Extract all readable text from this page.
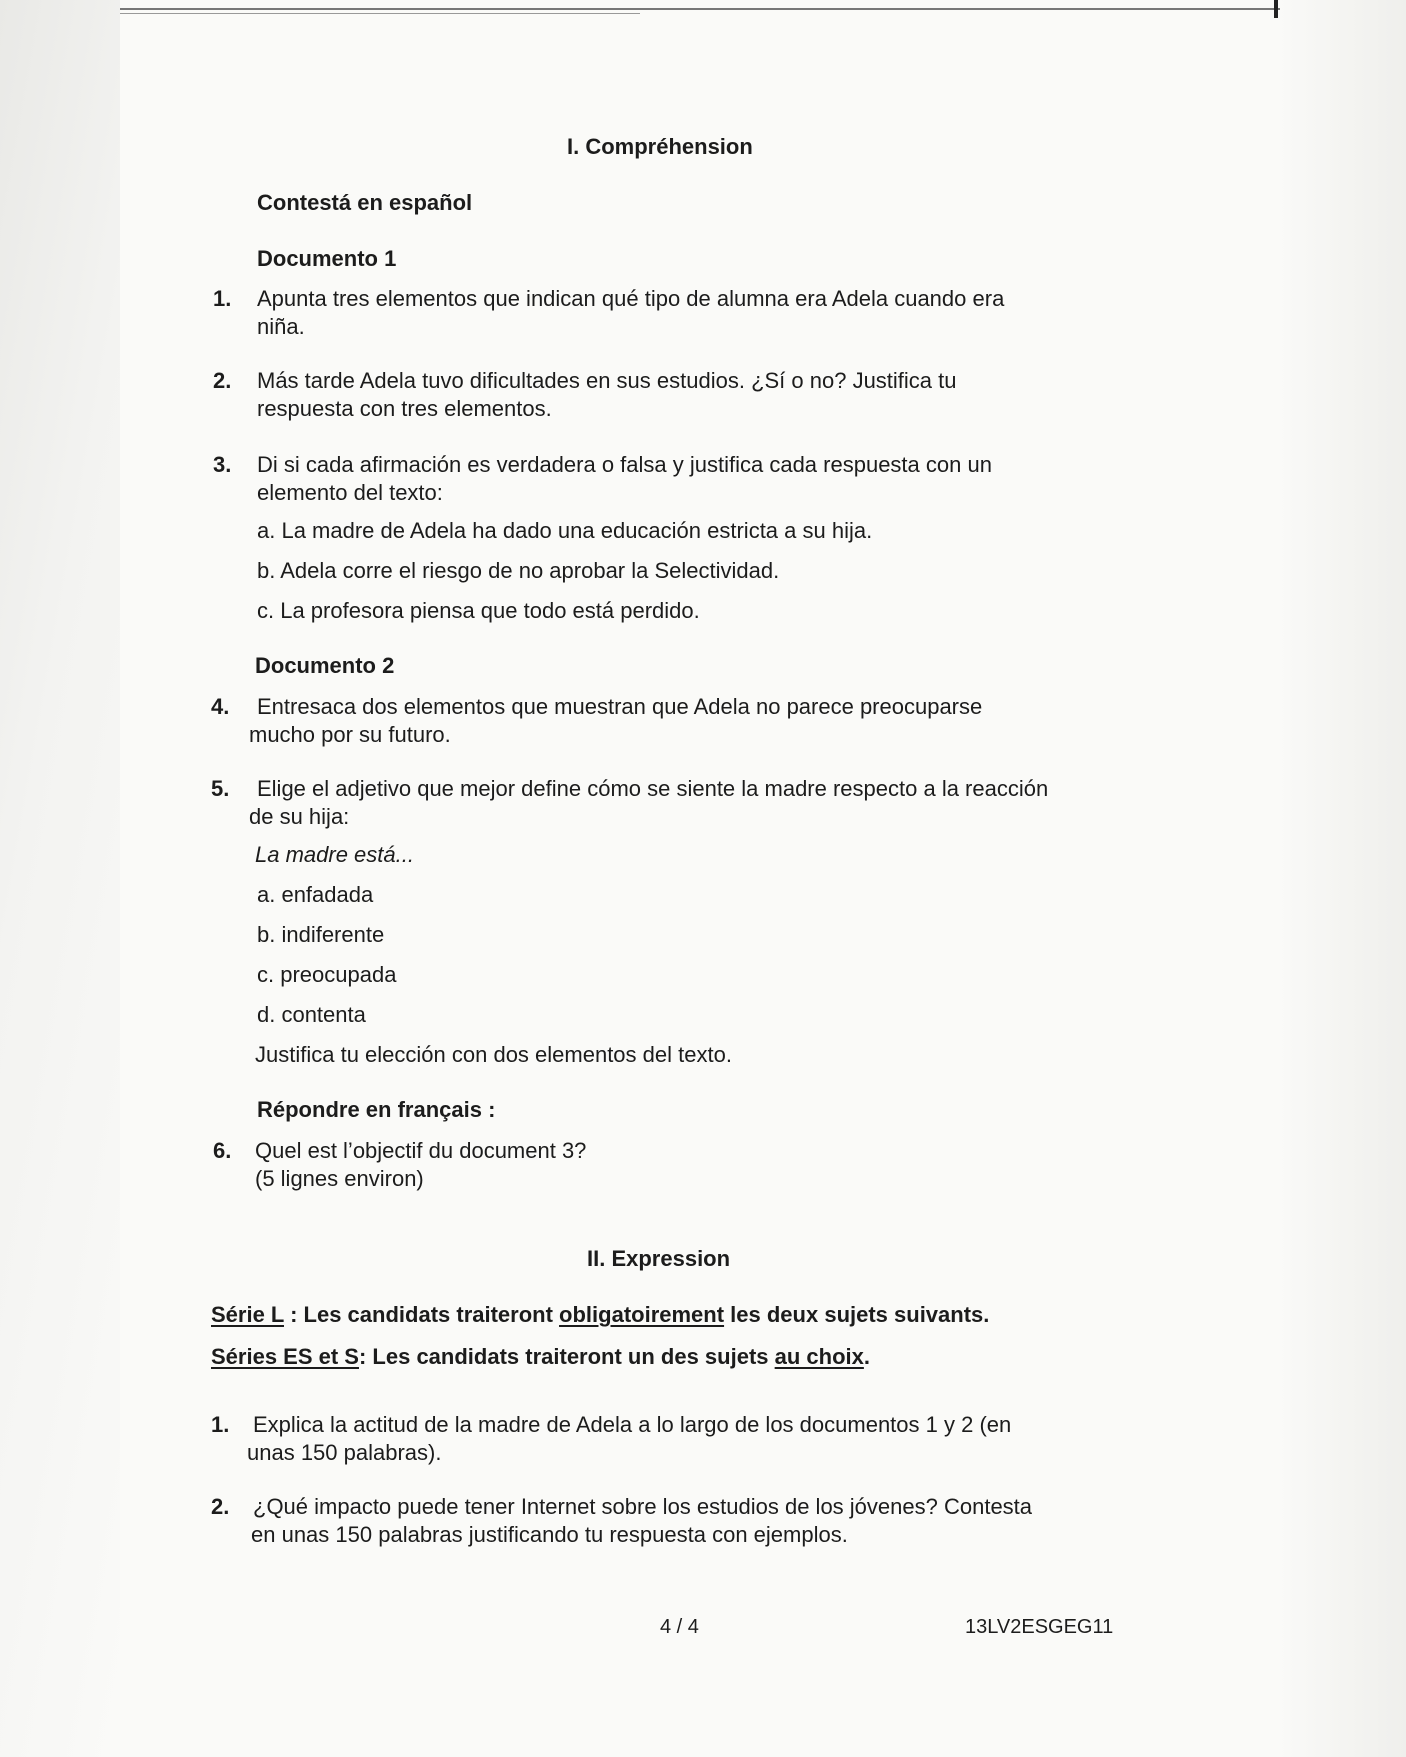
I. Compréhension
Contestá en español
Documento 1
1. Apunta tres elementos que indican qué tipo de alumna era Adela cuando era
niña.
2. Más tarde Adela tuvo dificultades en sus estudios. ¿Sí o no? Justifica tu
respuesta con tres elementos.
3. Di si cada afirmación es verdadera o falsa y justifica cada respuesta con un
elemento del texto:
a. La madre de Adela ha dado una educación estricta a su hija.
b. Adela corre el riesgo de no aprobar la Selectividad.
c. La profesora piensa que todo está perdido.
Documento 2
4. Entresaca dos elementos que muestran que Adela no parece preocuparse
mucho por su futuro.
5. Elige el adjetivo que mejor define cómo se siente la madre respecto a la reacción
de su hija:
La madre está...
a. enfadada
b. indiferente
c. preocupada
d. contenta
Justifica tu elección con dos elementos del texto.
Répondre en français :
6. Quel est l’objectif du document 3?
(5 lignes environ)
II. Expression
Série L : Les candidats traiteront obligatoirement les deux sujets suivants.
Séries ES et S: Les candidats traiteront un des sujets au choix.
1. Explica la actitud de la madre de Adela a lo largo de los documentos 1 y 2 (en
unas 150 palabras).
2. ¿Qué impacto puede tener Internet sobre los estudios de los jóvenes? Contesta
en unas 150 palabras justificando tu respuesta con ejemplos.
4 / 4	13LV2ESGEG11
